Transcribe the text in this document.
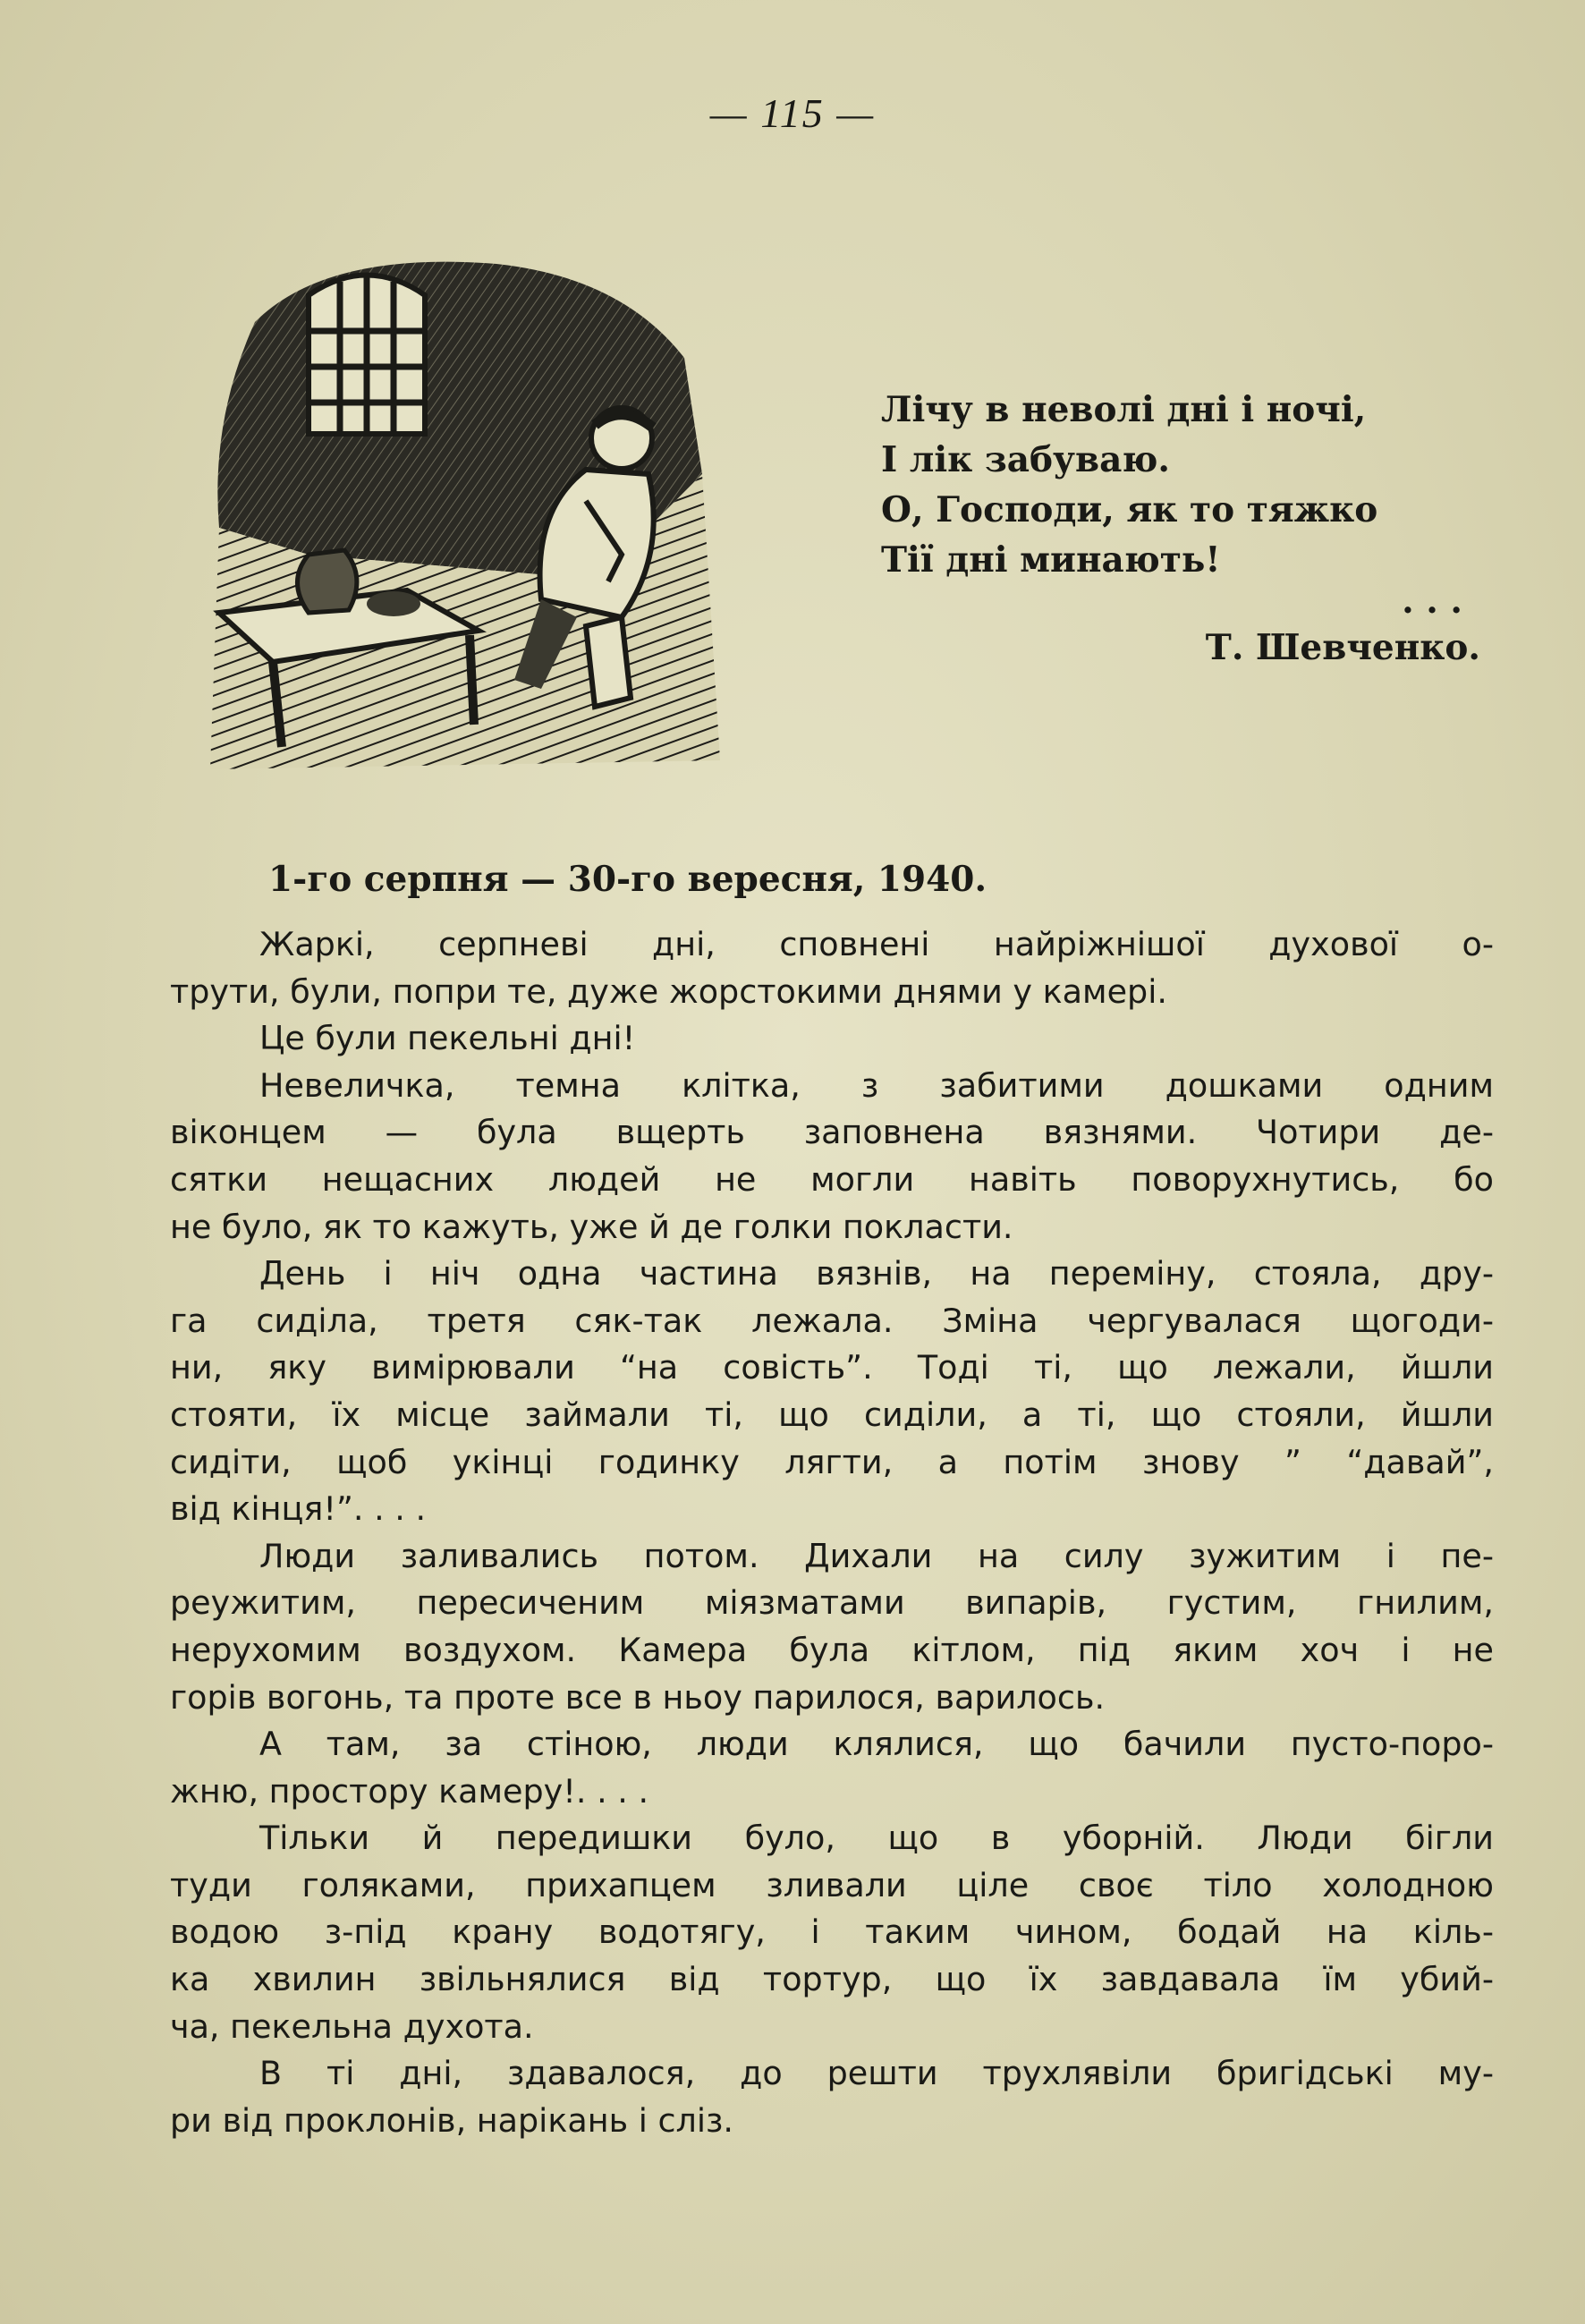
— 115 —
Лічу в неволі дні і ночі,
І лік забуваю.
О, Господи, як то тяжко
Тії дні минають!
. . .
Т. Шевченко.
1-го серпня — 30-го вересня, 1940.
Жаркі, серпневі дні, сповнені найріжнішої духової о-
трути, були, попри те, дуже жорстокими днями у камері.
Це були пекельні дні!
Невеличка, темна клітка, з забитими дошками одним
віконцем — була вщерть заповнена вязнями. Чотири де-
сятки нещасних людей не могли навіть поворухнутись, бо
не було, як то кажуть, уже й де голки покласти.
День і ніч одна частина вязнів, на переміну, стояла, дру-
га сиділа, третя сяк-так лежала. Зміна чергувалася щогоди-
ни, яку вимірювали “на совість”. Тоді ті, що лежали, йшли
стояти, їх місце займали ті, що сиділи, а ті, що стояли, йшли
сидіти, щоб укінці годинку лягти, а потім знову ” “давай”,
від кінця!”. . . .
Люди заливались потом. Дихали на силу зужитим і пе-
реужитим, пересиченим міязматами випарів, густим, гнилим,
нерухомим воздухом. Камера була кітлом, під яким хоч і не
горів вогонь, та проте все в ньоу парилося, варилось.
А там, за стіною, люди клялися, що бачили пусто-поро-
жню, простору камеру!. . . .
Тільки й передишки було, що в уборній. Люди бігли
туди голяками, прихапцем зливали ціле своє тіло холодною
водою з-під крану водотягу, і таким чином, бодай на кіль-
ка хвилин звільнялися від тортур, що їх завдавала їм убий-
ча, пекельна духота.
В ті дні, здавалося, до решти трухлявіли бригідські му-
ри від проклонів, нарікань і сліз.
